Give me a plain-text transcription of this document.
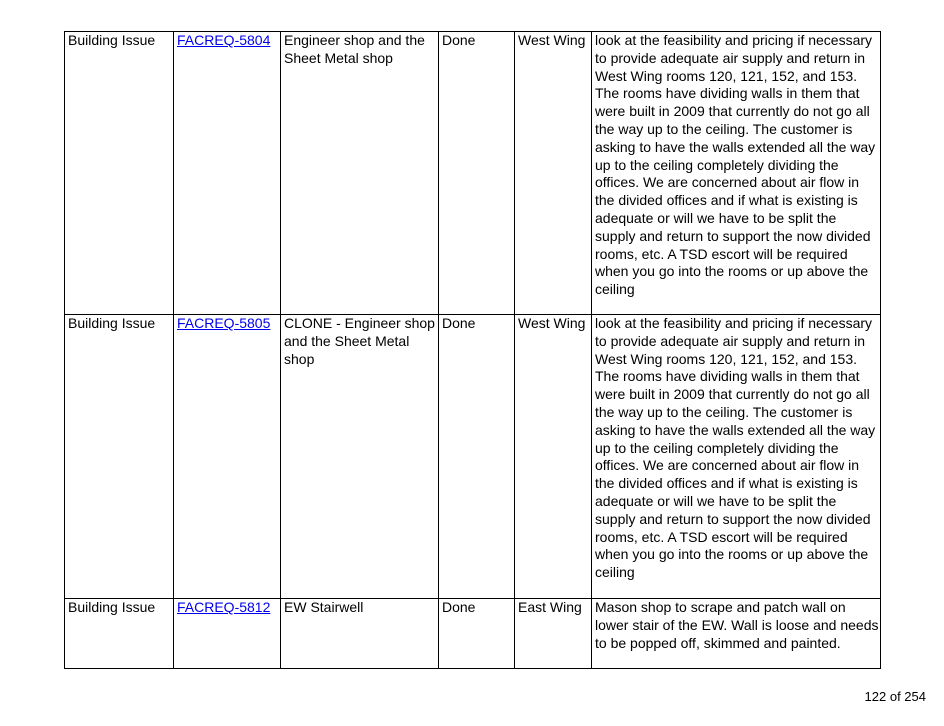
Building Issue	FACREQ-5804	Engineer shop and the Sheet Metal shop	Done	West Wing	look at the feasibility and pricing if necessary to provide adequate air supply and return in West Wing rooms 120, 121, 152, and 153. The rooms have dividing walls in them that were built in 2009 that currently do not go all the way up to the ceiling. The customer is asking to have the walls extended all the way up to the ceiling completely dividing the offices. We are concerned about air flow in the divided offices and if what is existing is adequate or will we have to be split the supply and return to support the now divided rooms, etc. A TSD escort will be required when you go into the rooms or up above the ceiling
Building Issue	FACREQ-5805	CLONE - Engineer shop and the Sheet Metal shop	Done	West Wing	look at the feasibility and pricing if necessary to provide adequate air supply and return in West Wing rooms 120, 121, 152, and 153. The rooms have dividing walls in them that were built in 2009 that currently do not go all the way up to the ceiling. The customer is asking to have the walls extended all the way up to the ceiling completely dividing the offices. We are concerned about air flow in the divided offices and if what is existing is adequate or will we have to be split the supply and return to support the now divided rooms, etc. A TSD escort will be required when you go into the rooms or up above the ceiling
Building Issue	FACREQ-5812	EW Stairwell	Done	East Wing	Mason shop to scrape and patch wall on lower stair of the EW. Wall is loose and needs to be popped off, skimmed and painted.
122 of 254
